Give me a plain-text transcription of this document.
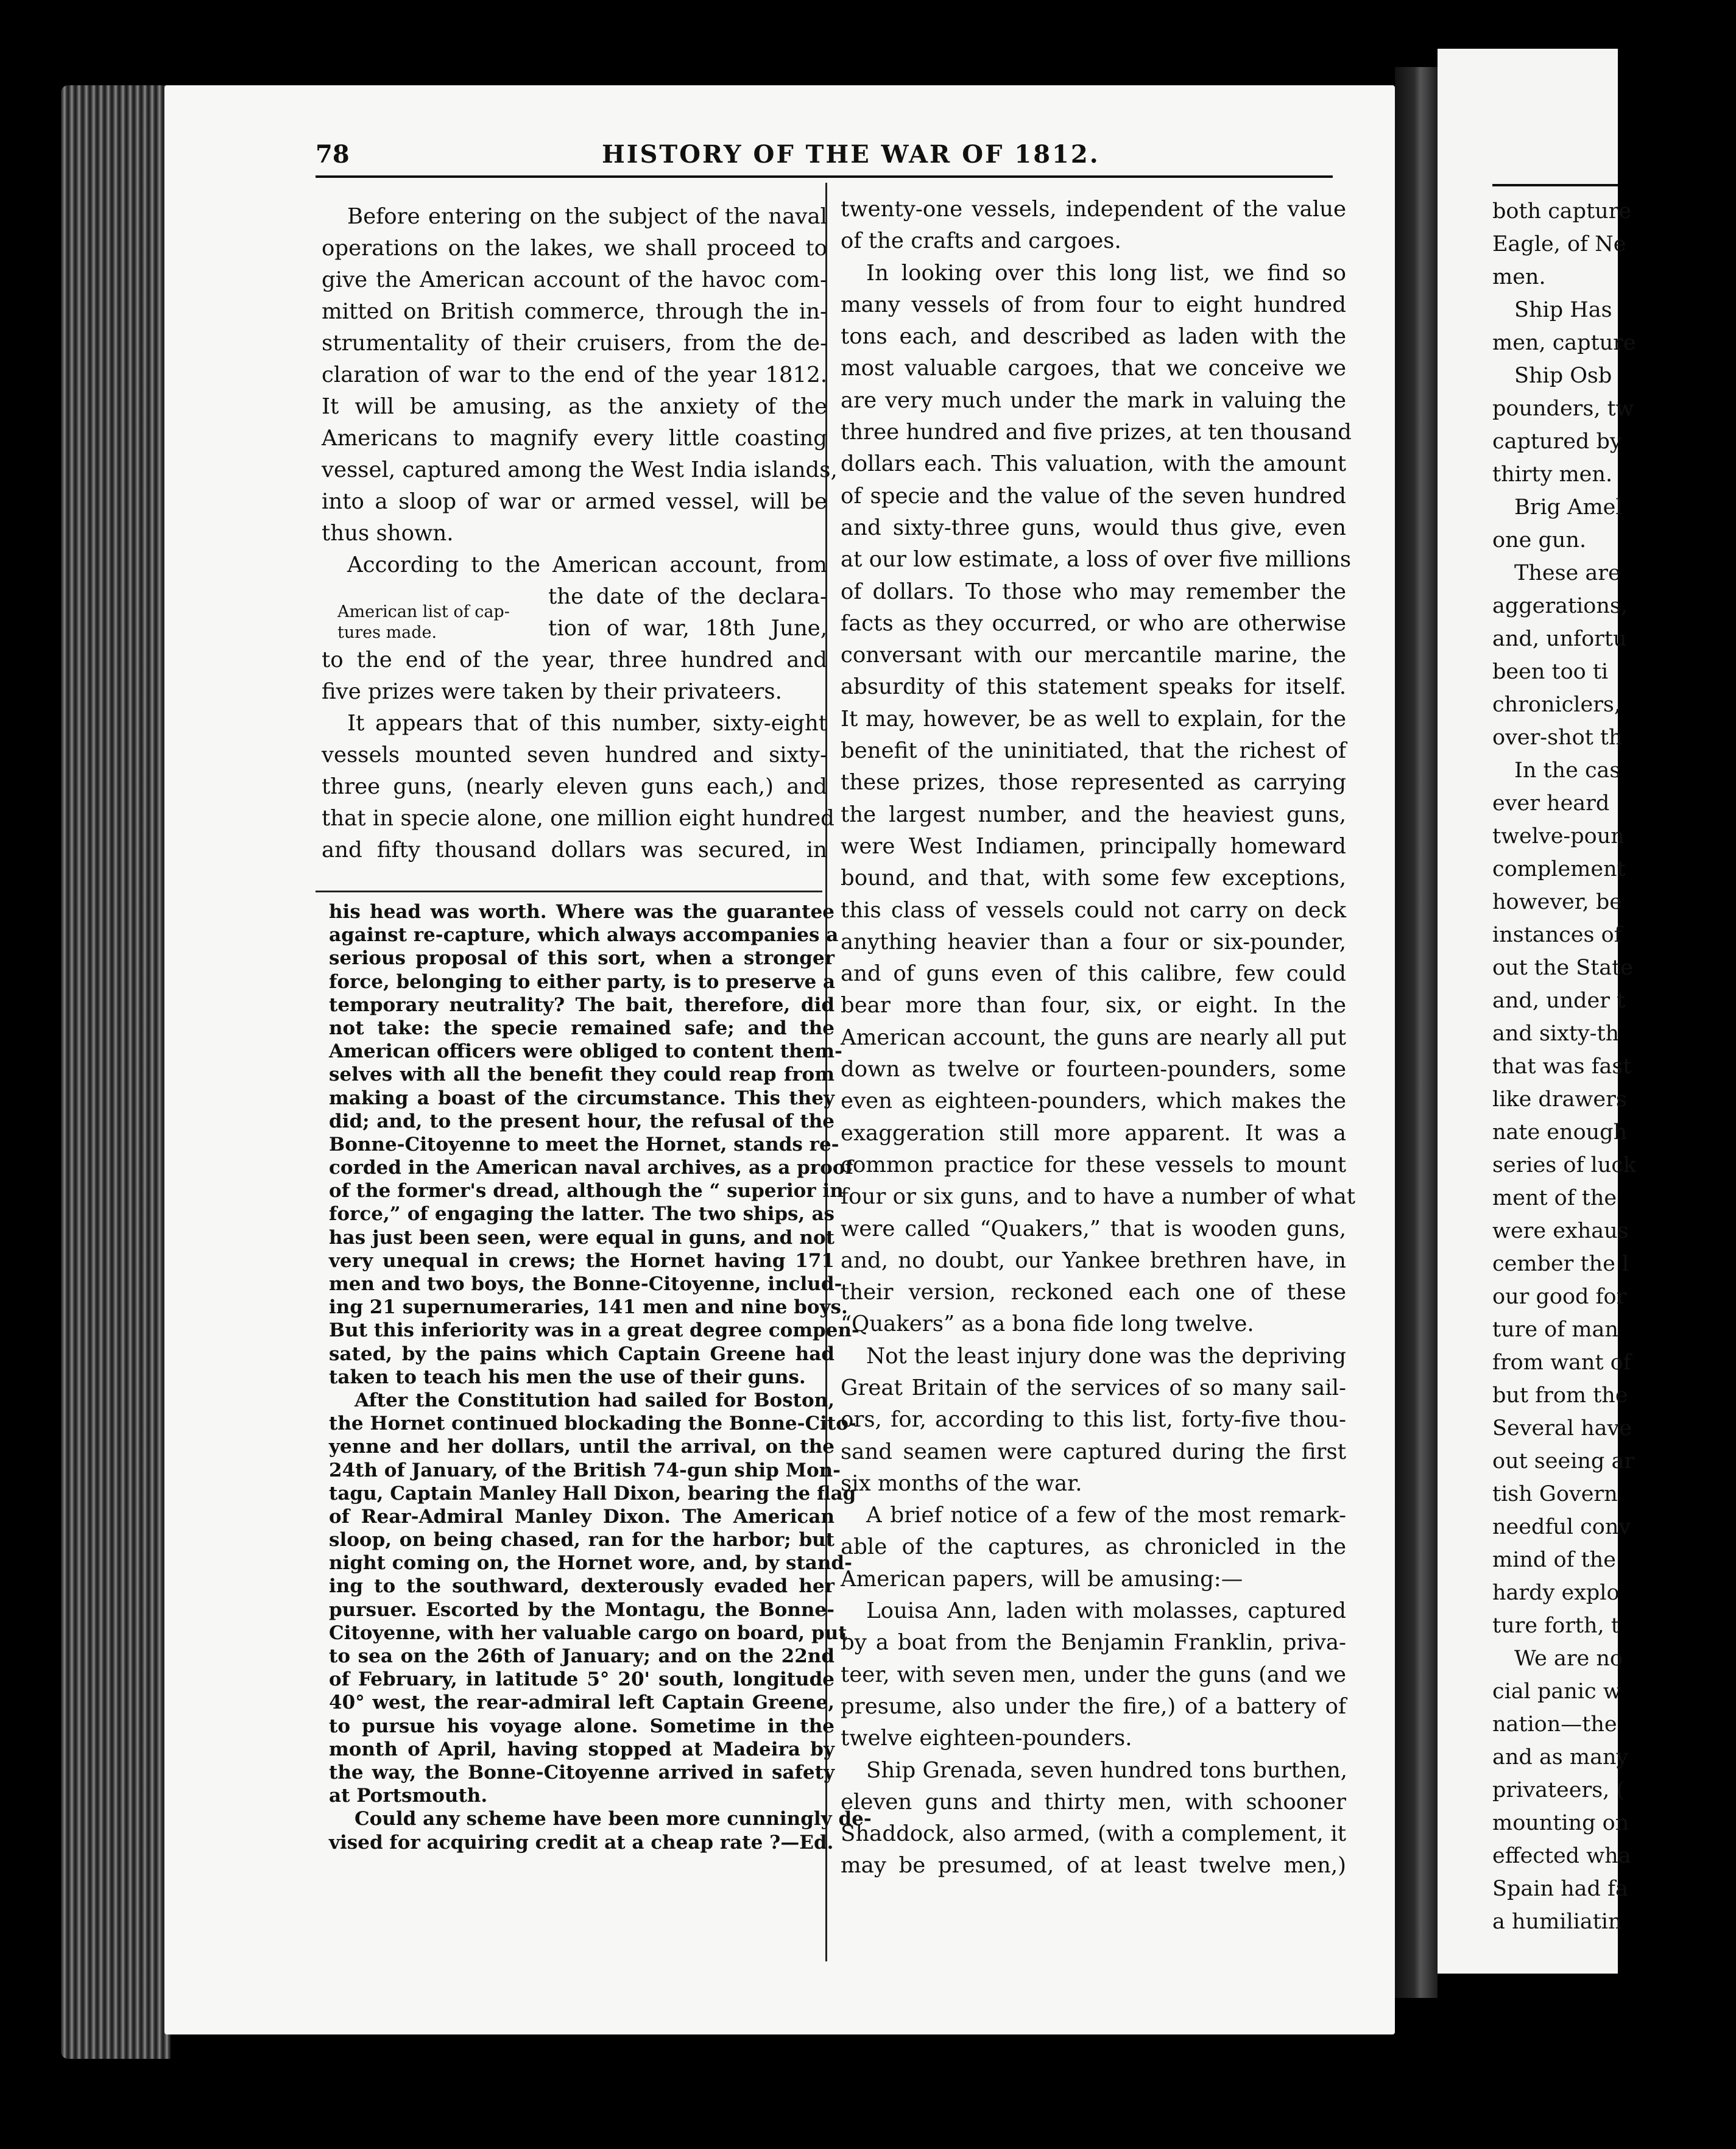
both capture
Eagle, of Ne
men.
Ship Has
men, capture
Ship Osb
pounders, tw
captured by
thirty men.
Brig Amel
one gun.
These are
aggerations,
and, unfortu
been too ti
chroniclers,
over-shot th
In the cas
ever heard
twelve-poun
complement
however, be
instances of
out the State
and, under t
and sixty-th
that was fast
like drawers
nate enough
series of luck
ment of the
were exhaus
cember the l
our good for
ture of man
from want of
but from the
Several have
out seeing ar
tish Govern
needful conv
mind of the
hardy explo
ture forth, t
We are no
cial panic w
nation—the
and as many
privateers, (
mounting on
effected wha
Spain had fa
a humiliatin
78	HISTORY OF THE WAR OF 1812.
Before entering on the subject of the naval
operations on the lakes, we shall proceed to
give the American account of the havoc com-
mitted on British commerce, through the in-
strumentality of their cruisers, from the de-
claration of war to the end of the year 1812.
It will be amusing, as the anxiety of the
Americans to magnify every little coasting
vessel, captured among the West India islands,
into a sloop of war or armed vessel, will be
thus shown.
According to the American account, from
American list of cap-
tures made.
the date of the declara-
tion of war, 18th June,
to the end of the year, three hundred and
five prizes were taken by their privateers.
It appears that of this number, sixty-eight
vessels mounted seven hundred and sixty-
three guns, (nearly eleven guns each,) and
that in specie alone, one million eight hundred
and fifty thousand dollars was secured, in
his head was worth. Where was the guarantee
against re-capture, which always accompanies a
serious proposal of this sort, when a stronger
force, belonging to either party, is to preserve a
temporary neutrality? The bait, therefore, did
not take: the specie remained safe; and the
American officers were obliged to content them-
selves with all the benefit they could reap from
making a boast of the circumstance. This they
did; and, to the present hour, the refusal of the
Bonne-Citoyenne to meet the Hornet, stands re-
corded in the American naval archives, as a proof
of the former's dread, although the “ superior in
force,” of engaging the latter. The two ships, as
has just been seen, were equal in guns, and not
very unequal in crews; the Hornet having 171
men and two boys, the Bonne-Citoyenne, includ-
ing 21 supernumeraries, 141 men and nine boys.
But this inferiority was in a great degree compen-
sated, by the pains which Captain Greene had
taken to teach his men the use of their guns.
After the Constitution had sailed for Boston,
the Hornet continued blockading the Bonne-Cito-
yenne and her dollars, until the arrival, on the
24th of January, of the British 74-gun ship Mon-
tagu, Captain Manley Hall Dixon, bearing the flag
of Rear-Admiral Manley Dixon. The American
sloop, on being chased, ran for the harbor; but
night coming on, the Hornet wore, and, by stand-
ing to the southward, dexterously evaded her
pursuer. Escorted by the Montagu, the Bonne-
Citoyenne, with her valuable cargo on board, put
to sea on the 26th of January; and on the 22nd
of February, in latitude 5° 20' south, longitude
40° west, the rear-admiral left Captain Greene,
to pursue his voyage alone. Sometime in the
month of April, having stopped at Madeira by
the way, the Bonne-Citoyenne arrived in safety
at Portsmouth.
Could any scheme have been more cunningly de-
vised for acquiring credit at a cheap rate ?—Ed.
twenty-one vessels, independent of the value
of the crafts and cargoes.
In looking over this long list, we find so
many vessels of from four to eight hundred
tons each, and described as laden with the
most valuable cargoes, that we conceive we
are very much under the mark in valuing the
three hundred and five prizes, at ten thousand
dollars each. This valuation, with the amount
of specie and the value of the seven hundred
and sixty-three guns, would thus give, even
at our low estimate, a loss of over five millions
of dollars. To those who may remember the
facts as they occurred, or who are otherwise
conversant with our mercantile marine, the
absurdity of this statement speaks for itself.
It may, however, be as well to explain, for the
benefit of the uninitiated, that the richest of
these prizes, those represented as carrying
the largest number, and the heaviest guns,
were West Indiamen, principally homeward
bound, and that, with some few exceptions,
this class of vessels could not carry on deck
anything heavier than a four or six-pounder,
and of guns even of this calibre, few could
bear more than four, six, or eight. In the
American account, the guns are nearly all put
down as twelve or fourteen-pounders, some
even as eighteen-pounders, which makes the
exaggeration still more apparent. It was a
common practice for these vessels to mount
four or six guns, and to have a number of what
were called “Quakers,” that is wooden guns,
and, no doubt, our Yankee brethren have, in
their version, reckoned each one of these
“Quakers” as a bona fide long twelve.
Not the least injury done was the depriving
Great Britain of the services of so many sail-
ors, for, according to this list, forty-five thou-
sand seamen were captured during the first
six months of the war.
A brief notice of a few of the most remark-
able of the captures, as chronicled in the
American papers, will be amusing:—
Louisa Ann, laden with molasses, captured
by a boat from the Benjamin Franklin, priva-
teer, with seven men, under the guns (and we
presume, also under the fire,) of a battery of
twelve eighteen-pounders.
Ship Grenada, seven hundred tons burthen,
eleven guns and thirty men, with schooner
Shaddock, also armed, (with a complement, it
may be presumed, of at least twelve men,)
